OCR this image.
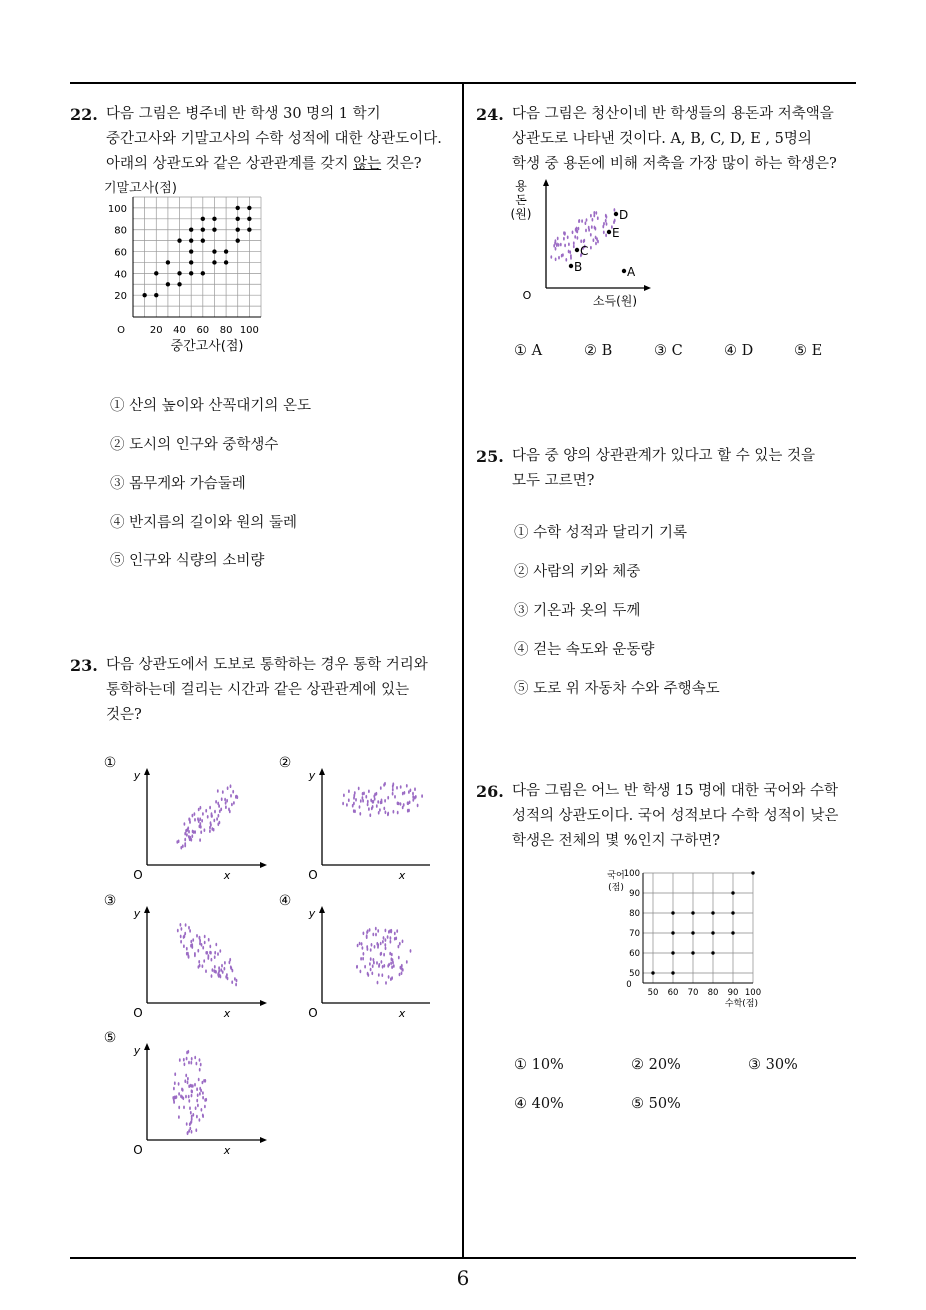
6
22. 다음 그림은 병주네 반 학생 30 명의 1 학기
중간고사와 기말고사의 수학 성적에 대한 상관도이다.
아래의 상관도와 같은 상관관계를 갖지 않는 것은?
기말고사(점)
20
40
60
80
100
20 40 60 80 100
O
중간고사(점)
① 산의 높이와 산꼭대기의 온도
② 도시의 인구와 중학생수
③ 몸무게와 가슴둘레
④ 반지름의 길이와 원의 둘레
⑤ 인구와 식량의 소비량
23. 다음 상관도에서 도보로 통학하는 경우 통학 거리와
통학하는데 걸리는 시간과 같은 상관관계에 있는
것은?
①
y
x
O
②
y
x
O
③
y
x
O
④
y
x
O
⑤
y
x
O
24. 다음 그림은 청산이네 반 학생들의 용돈과 저축액을
상관도로 나타낸 것이다. A, B, C, D, E , 5명의
학생 중 용돈에 비해 저축을 가장 많이 하는 학생은?
용
돈
(원)
소득(원)
O
A
B
C
D
E
① A	② B	③ C	④ D	⑤ E
25. 다음 중 양의 상관관계가 있다고 할 수 있는 것을
모두 고르면?
① 수학 성적과 달리기 기록
② 사람의 키와 체중
③ 기온과 옷의 두께
④ 걷는 속도와 운동량
⑤ 도로 위 자동차 수와 주행속도
26. 다음 그림은 어느 반 학생 15 명에 대한 국어와 수학
성적의 상관도이다. 국어 성적보다 수학 성적이 낮은
학생은 전체의 몇 %인지 구하면?
50
60
70
80
90
100
50 60 70 80 90 100
0
국어
(점)
수학(점)
① 10%	② 20%	③ 30%
④ 40%	⑤ 50%
